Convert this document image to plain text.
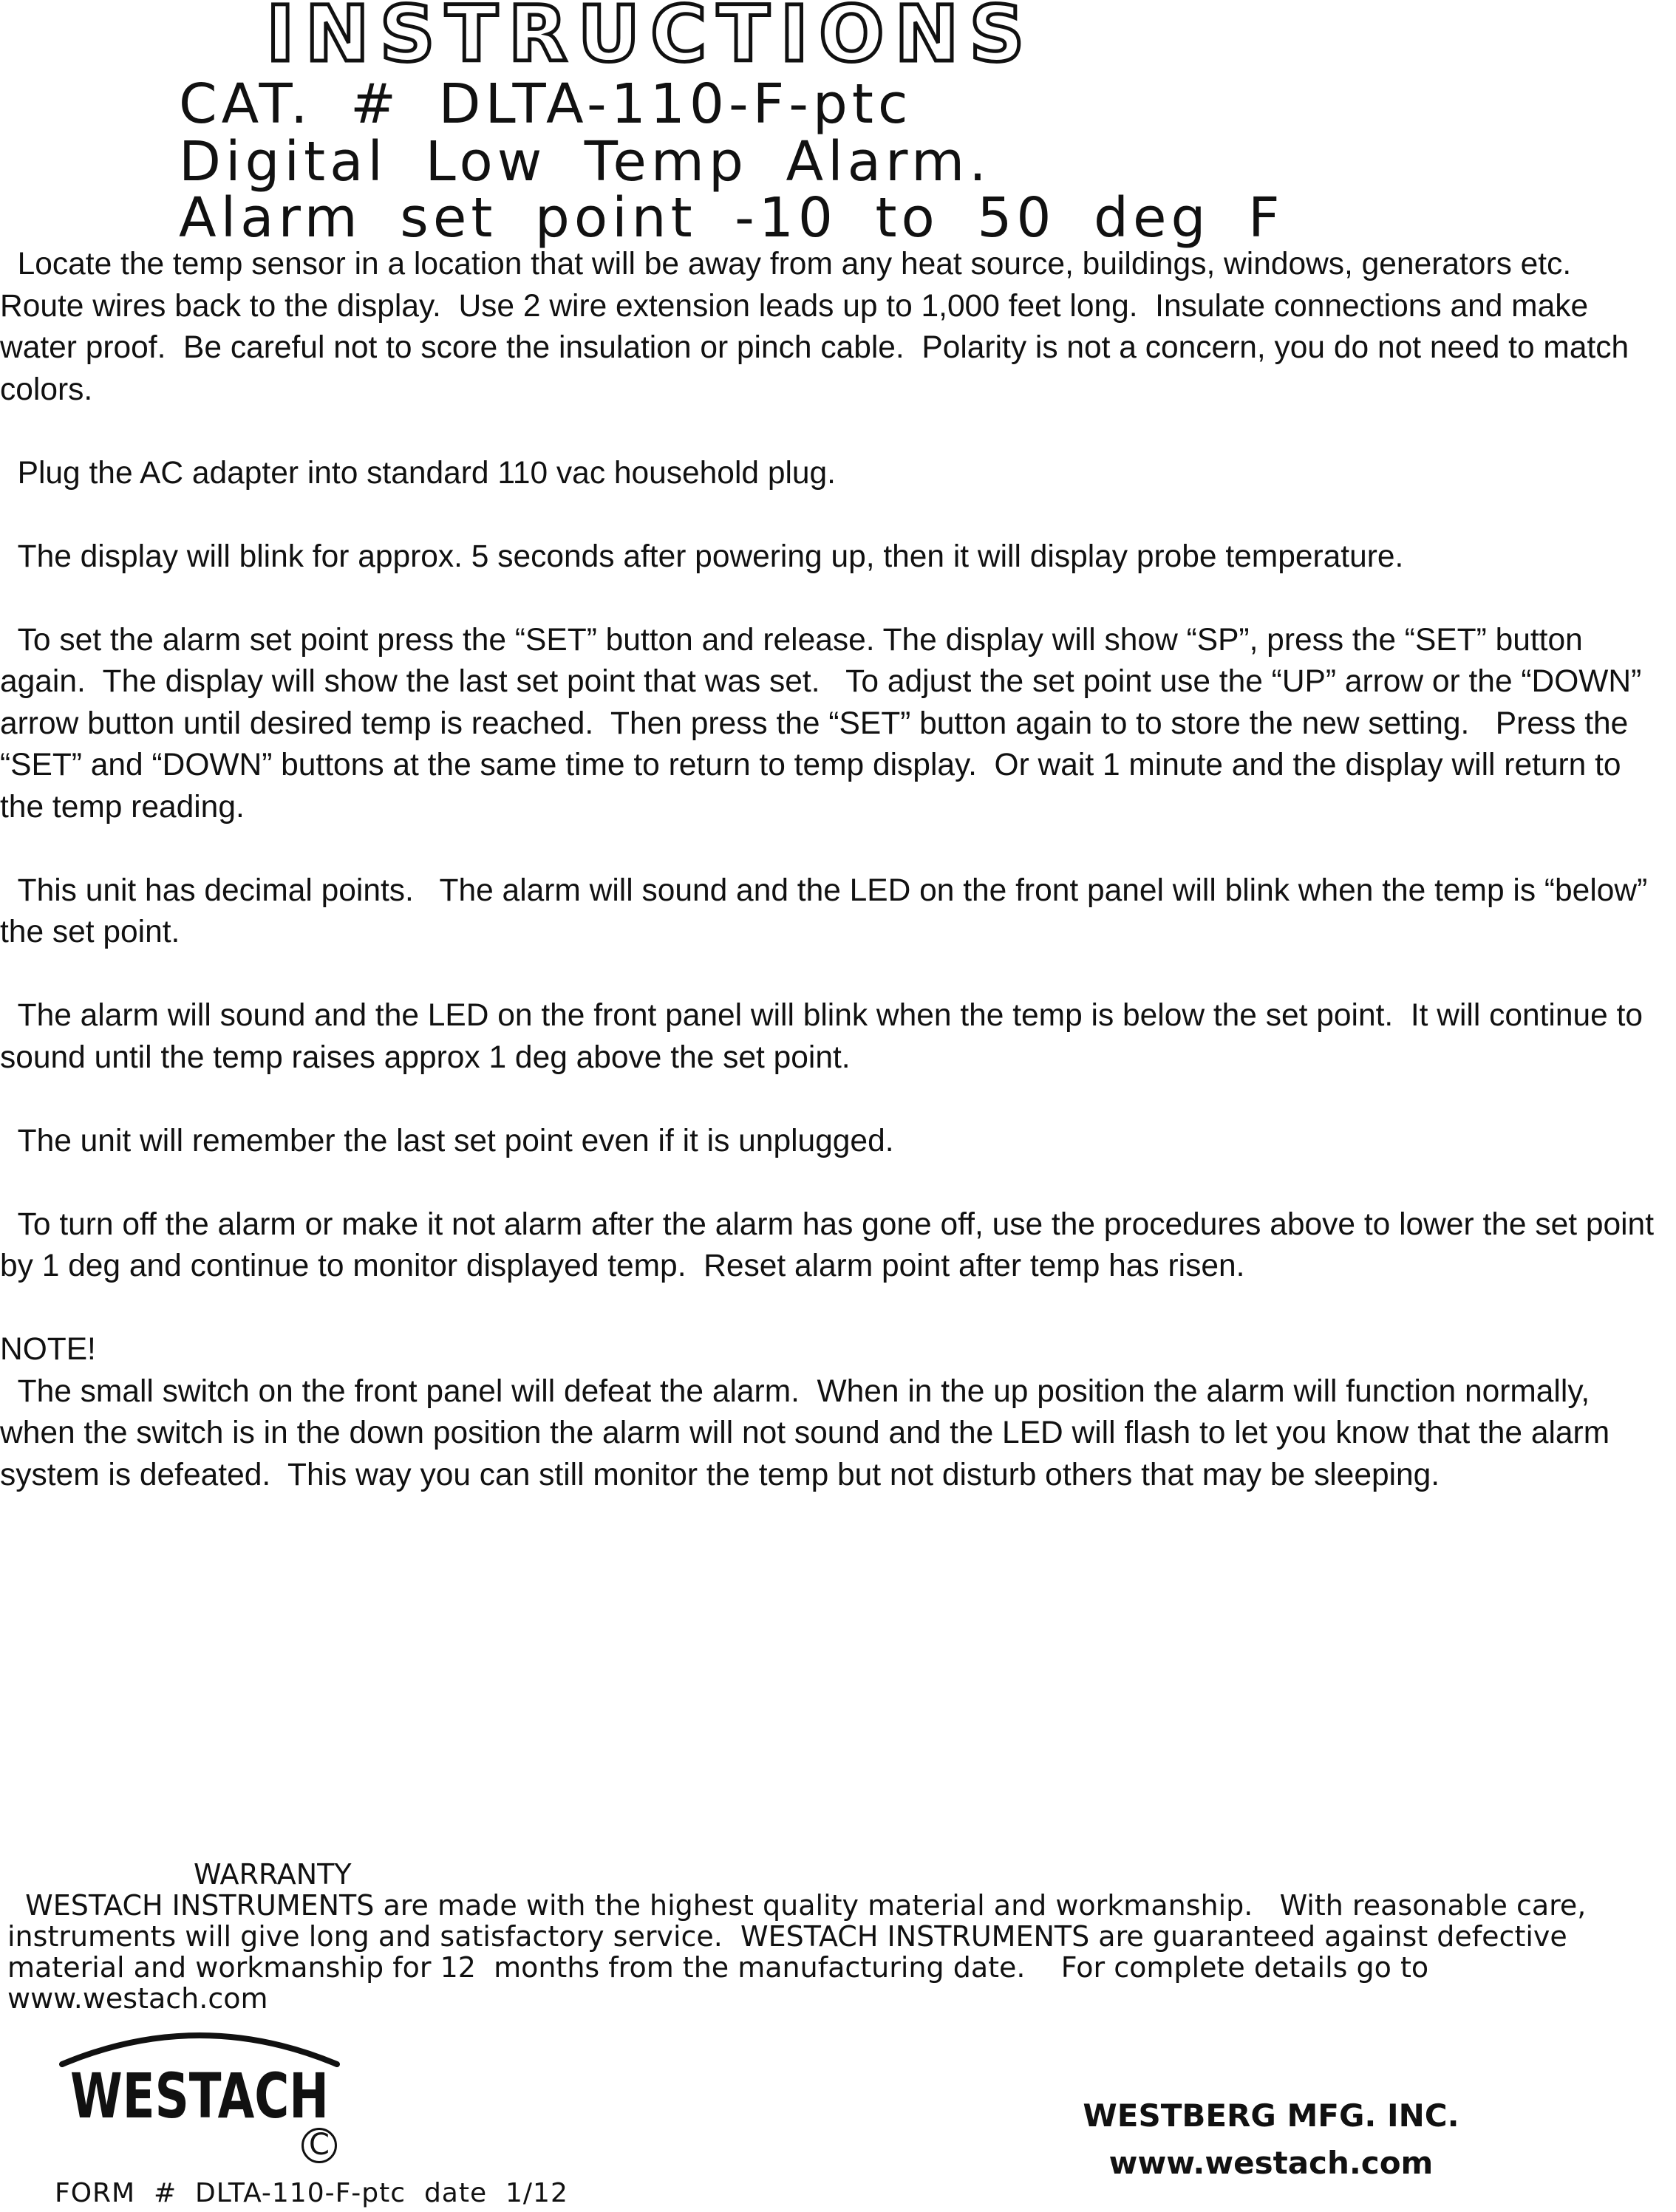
INSTRUCTIONS
CAT. # DLTA-110-F-ptc
Digital Low Temp Alarm.
Alarm set point -10 to 50 deg F

Locate the temp sensor in a location that will be away from any heat source, buildings, windows, generators etc.  Route wires back to the display.  Use 2 wire extension leads up to 1,000 feet long.  Insulate connections and make water proof.  Be careful not to score the insulation or pinch cable.  Polarity is not a concern, you do not need to match colors.

Plug the AC adapter into standard 110 vac household plug.

The display will blink for approx. 5 seconds after powering up, then it will display probe temperature.

To set the alarm set point press the “SET” button and release. The display will show “SP”, press the “SET” button again.  The display will show the last set point that was set.   To adjust the set point use the “UP” arrow or the “DOWN” arrow button until desired temp is reached.  Then press the “SET” button again to to store the new setting.   Press the “SET” and “DOWN” buttons at the same time to return to temp display.  Or wait 1 minute and the display will return to the temp reading.

This unit has decimal points.   The alarm will sound and the LED on the front panel will blink when the temp is “below” the set point.

The alarm will sound and the LED on the front panel will blink when the temp is below the set point.  It will continue to sound until the temp raises approx 1 deg above the set point.

The unit will remember the last set point even if it is unplugged.

To turn off the alarm or make it not alarm after the alarm has gone off, use the procedures above to lower the set point by 1 deg and continue to monitor displayed temp.  Reset alarm point after temp has risen.

NOTE!

The small switch on the front panel will defeat the alarm.  When in the up position the alarm will function normally, when the switch is in the down position the alarm will not sound and the LED will flash to let you know that the alarm system is defeated.  This way you can still monitor the temp but not disturb others that may be sleeping.

WARRANTY
WESTACH INSTRUMENTS are made with the highest quality material and workmanship.   With reasonable care, instruments will give long and satisfactory service.  WESTACH INSTRUMENTS are guaranteed against defective material and workmanship for 12  months from the manufacturing date.    For complete details go to www.westach.com
WESTACH
C
WESTBERG MFG. INC.
www.westach.com
FORM  #  DLTA-110-F-ptc  date  1/12
